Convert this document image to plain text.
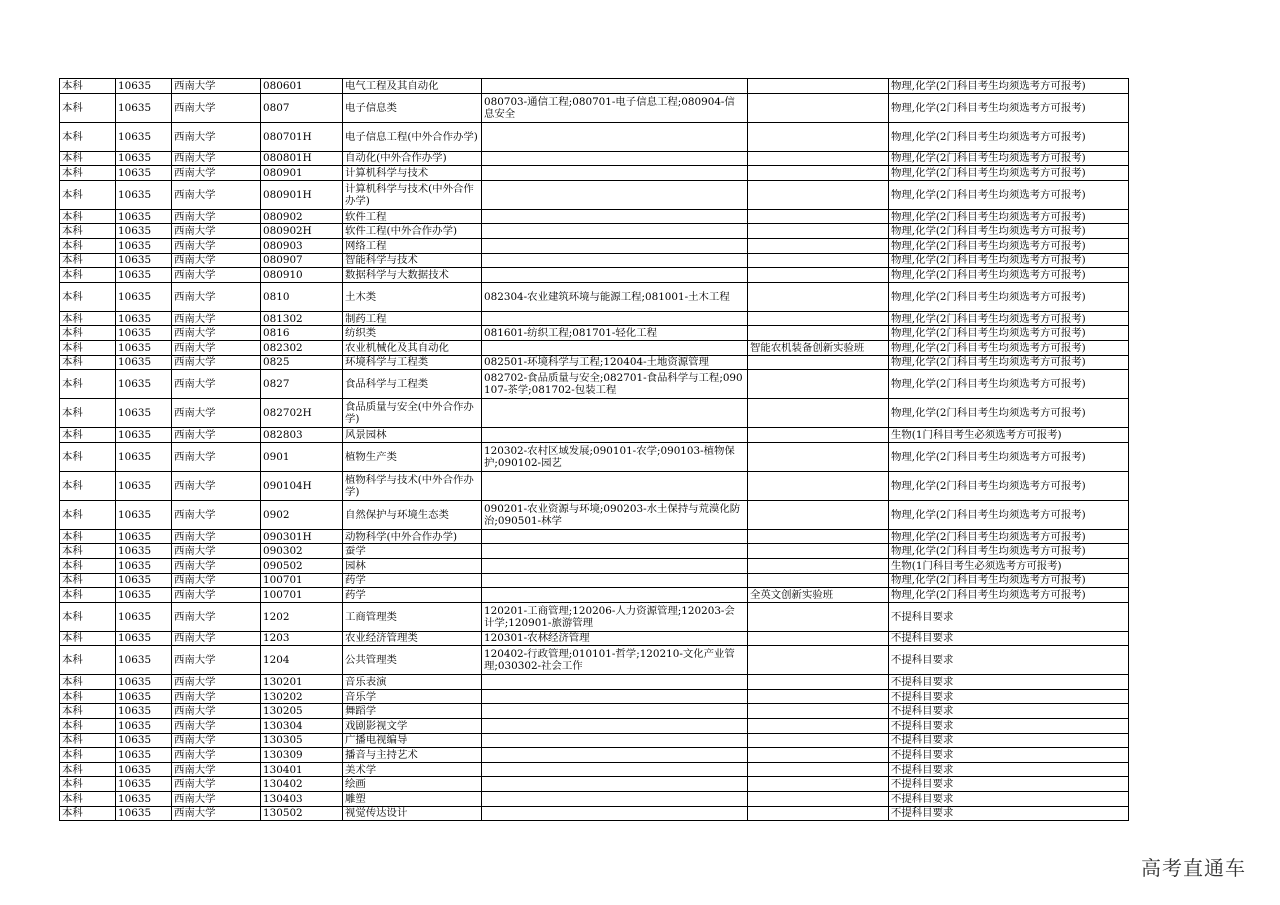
本科	10635	西南大学	080601	电气工程及其自动化			物理,化学(2门科目考生均须选考方可报考)
本科	10635	西南大学	0807	电子信息类	080703-通信工程;080701-电子信息工程;080904-信息安全		物理,化学(2门科目考生均须选考方可报考)
本科	10635	西南大学	080701H	电子信息工程(中外合作办学)			物理,化学(2门科目考生均须选考方可报考)
本科	10635	西南大学	080801H	自动化(中外合作办学)			物理,化学(2门科目考生均须选考方可报考)
本科	10635	西南大学	080901	计算机科学与技术			物理,化学(2门科目考生均须选考方可报考)
本科	10635	西南大学	080901H	计算机科学与技术(中外合作办学)			物理,化学(2门科目考生均须选考方可报考)
本科	10635	西南大学	080902	软件工程			物理,化学(2门科目考生均须选考方可报考)
本科	10635	西南大学	080902H	软件工程(中外合作办学)			物理,化学(2门科目考生均须选考方可报考)
本科	10635	西南大学	080903	网络工程			物理,化学(2门科目考生均须选考方可报考)
本科	10635	西南大学	080907	智能科学与技术			物理,化学(2门科目考生均须选考方可报考)
本科	10635	西南大学	080910	数据科学与大数据技术			物理,化学(2门科目考生均须选考方可报考)
本科	10635	西南大学	0810	土木类	082304-农业建筑环境与能源工程;081001-土木工程		物理,化学(2门科目考生均须选考方可报考)
本科	10635	西南大学	081302	制药工程			物理,化学(2门科目考生均须选考方可报考)
本科	10635	西南大学	0816	纺织类	081601-纺织工程;081701-轻化工程		物理,化学(2门科目考生均须选考方可报考)
本科	10635	西南大学	082302	农业机械化及其自动化		智能农机装备创新实验班	物理,化学(2门科目考生均须选考方可报考)
本科	10635	西南大学	0825	环境科学与工程类	082501-环境科学与工程;120404-土地资源管理		物理,化学(2门科目考生均须选考方可报考)
本科	10635	西南大学	0827	食品科学与工程类	082702-食品质量与安全;082701-食品科学与工程;090107-茶学;081702-包装工程		物理,化学(2门科目考生均须选考方可报考)
本科	10635	西南大学	082702H	食品质量与安全(中外合作办学)			物理,化学(2门科目考生均须选考方可报考)
本科	10635	西南大学	082803	风景园林			生物(1门科目考生必须选考方可报考)
本科	10635	西南大学	0901	植物生产类	120302-农村区域发展;090101-农学;090103-植物保护;090102-园艺		物理,化学(2门科目考生均须选考方可报考)
本科	10635	西南大学	090104H	植物科学与技术(中外合作办学)			物理,化学(2门科目考生均须选考方可报考)
本科	10635	西南大学	0902	自然保护与环境生态类	090201-农业资源与环境;090203-水土保持与荒漠化防治;090501-林学		物理,化学(2门科目考生均须选考方可报考)
本科	10635	西南大学	090301H	动物科学(中外合作办学)			物理,化学(2门科目考生均须选考方可报考)
本科	10635	西南大学	090302	蚕学			物理,化学(2门科目考生均须选考方可报考)
本科	10635	西南大学	090502	园林			生物(1门科目考生必须选考方可报考)
本科	10635	西南大学	100701	药学			物理,化学(2门科目考生均须选考方可报考)
本科	10635	西南大学	100701	药学		全英文创新实验班	物理,化学(2门科目考生均须选考方可报考)
本科	10635	西南大学	1202	工商管理类	120201-工商管理;120206-人力资源管理;120203-会计学;120901-旅游管理		不提科目要求
本科	10635	西南大学	1203	农业经济管理类	120301-农林经济管理		不提科目要求
本科	10635	西南大学	1204	公共管理类	120402-行政管理;010101-哲学;120210-文化产业管理;030302-社会工作		不提科目要求
本科	10635	西南大学	130201	音乐表演			不提科目要求
本科	10635	西南大学	130202	音乐学			不提科目要求
本科	10635	西南大学	130205	舞蹈学			不提科目要求
本科	10635	西南大学	130304	戏剧影视文学			不提科目要求
本科	10635	西南大学	130305	广播电视编导			不提科目要求
本科	10635	西南大学	130309	播音与主持艺术			不提科目要求
本科	10635	西南大学	130401	美术学			不提科目要求
本科	10635	西南大学	130402	绘画			不提科目要求
本科	10635	西南大学	130403	雕塑			不提科目要求
本科	10635	西南大学	130502	视觉传达设计			不提科目要求
高考直通车
